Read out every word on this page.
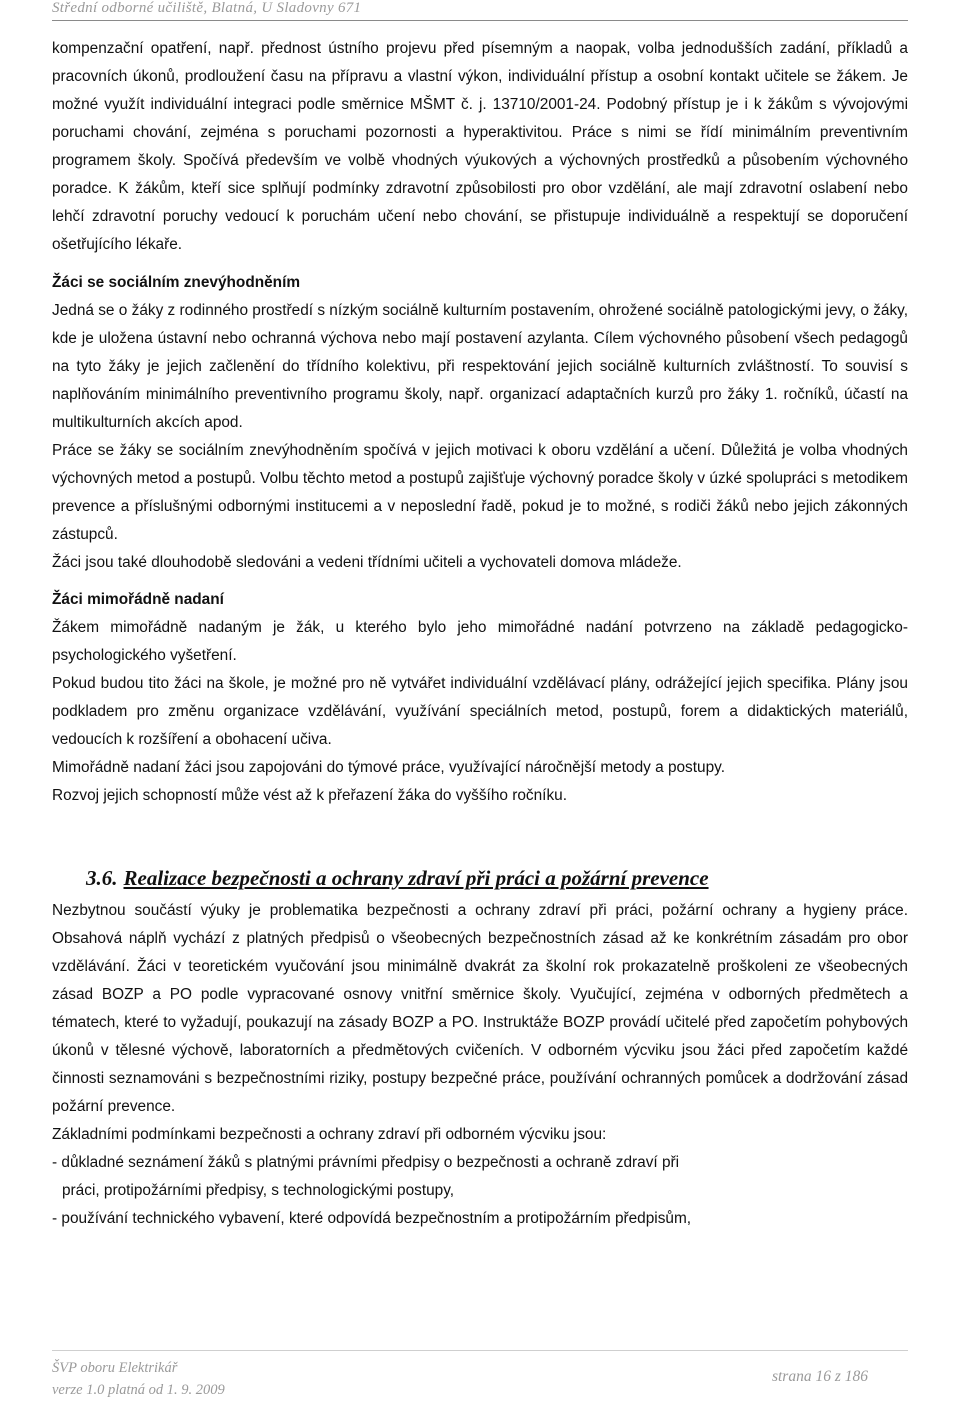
Střední odborné učiliště, Blatná, U Sladovny 671

kompenzační opatření, např. přednost ústního projevu před písemným a naopak, volba jednodušších zadání, příkladů a pracovních úkonů, prodloužení času na přípravu a vlastní výkon, individuální přístup a osobní kontakt učitele se žákem. Je možné využít individuální integraci podle směrnice MŠMT č. j. 13710/2001-24. Podobný přístup je i k žákům s vývojovými poruchami chování, zejména s poruchami pozornosti a hyperaktivitou. Práce s nimi se řídí minimálním preventivním programem školy. Spočívá především ve volbě vhodných výukových a výchovných prostředků a působením výchovného poradce. K žákům, kteří sice splňují podmínky zdravotní způsobilosti pro obor vzdělání, ale mají zdravotní oslabení nebo lehčí zdravotní poruchy vedoucí k poruchám učení nebo chování, se přistupuje individuálně a respektují se doporučení ošetřujícího lékaře.

Žáci se sociálním znevýhodněním

Jedná se o žáky z rodinného prostředí s nízkým sociálně kulturním postavením, ohrožené sociálně patologickými jevy, o žáky, kde je uložena ústavní nebo ochranná výchova nebo mají postavení azylanta. Cílem výchovného působení všech pedagogů na tyto žáky je jejich začlenění do třídního kolektivu, při respektování jejich sociálně kulturních zvláštností. To souvisí s naplňováním minimálního preventivního programu školy, např. organizací adaptačních kurzů pro žáky 1. ročníků, účastí na multikulturních akcích apod.

Práce se žáky se sociálním znevýhodněním spočívá v jejich motivaci k oboru vzdělání a učení. Důležitá je volba vhodných výchovných metod a postupů. Volbu těchto metod a postupů zajišťuje výchovný poradce školy v úzké spolupráci s metodikem prevence a příslušnými odbornými institucemi a v neposlední řadě, pokud je to možné, s rodiči žáků nebo jejich zákonných zástupců.

Žáci jsou také dlouhodobě sledováni a vedeni třídními učiteli a vychovateli domova mládeže.

Žáci mimořádně nadaní

Žákem mimořádně nadaným je žák, u kterého bylo jeho mimořádné nadání potvrzeno na základě pedagogicko-psychologického vyšetření.

Pokud budou tito žáci na škole, je možné pro ně vytvářet individuální vzdělávací plány, odrážející jejich specifika. Plány jsou podkladem pro změnu organizace vzdělávání, využívání speciálních metod, postupů, forem a didaktických materiálů, vedoucích k rozšíření a obohacení učiva.

Mimořádně nadaní žáci jsou zapojováni do týmové práce, využívající náročnější metody a postupy.

Rozvoj jejich schopností může vést až k přeřazení žáka do vyššího ročníku.

3.6. Realizace bezpečnosti a ochrany zdraví při práci a požární prevence

Nezbytnou součástí výuky je problematika bezpečnosti a ochrany zdraví při práci, požární ochrany a hygieny práce. Obsahová náplň vychází z platných předpisů o všeobecných bezpečnostních zásad až ke konkrétním zásadám pro obor vzdělávání. Žáci v teoretickém vyučování jsou minimálně dvakrát za školní rok prokazatelně proškoleni ze všeobecných zásad BOZP a PO podle vypracované osnovy vnitřní směrnice školy. Vyučující, zejména v odborných předmětech a tématech, které to vyžadují, poukazují na zásady BOZP a PO. Instruktáže BOZP provádí učitelé před započetím pohybových úkonů v tělesné výchově, laboratorních a předmětových cvičeních. V odborném výcviku jsou žáci před započetím každé činnosti seznamováni s bezpečnostními riziky, postupy bezpečné práce, používání ochranných pomůcek a dodržování zásad požární prevence.

Základními podmínkami bezpečnosti a ochrany zdraví při odborném výcviku jsou:

- důkladné seznámení žáků s platnými právními předpisy o bezpečnosti a ochraně zdraví při

práci, protipožárními předpisy, s technologickými postupy,

- používání technického vybavení, které odpovídá bezpečnostním a protipožárním předpisům,

ŠVP oboru Elektrikář
verze 1.0 platná od 1. 9. 2009
strana 16 z 186
